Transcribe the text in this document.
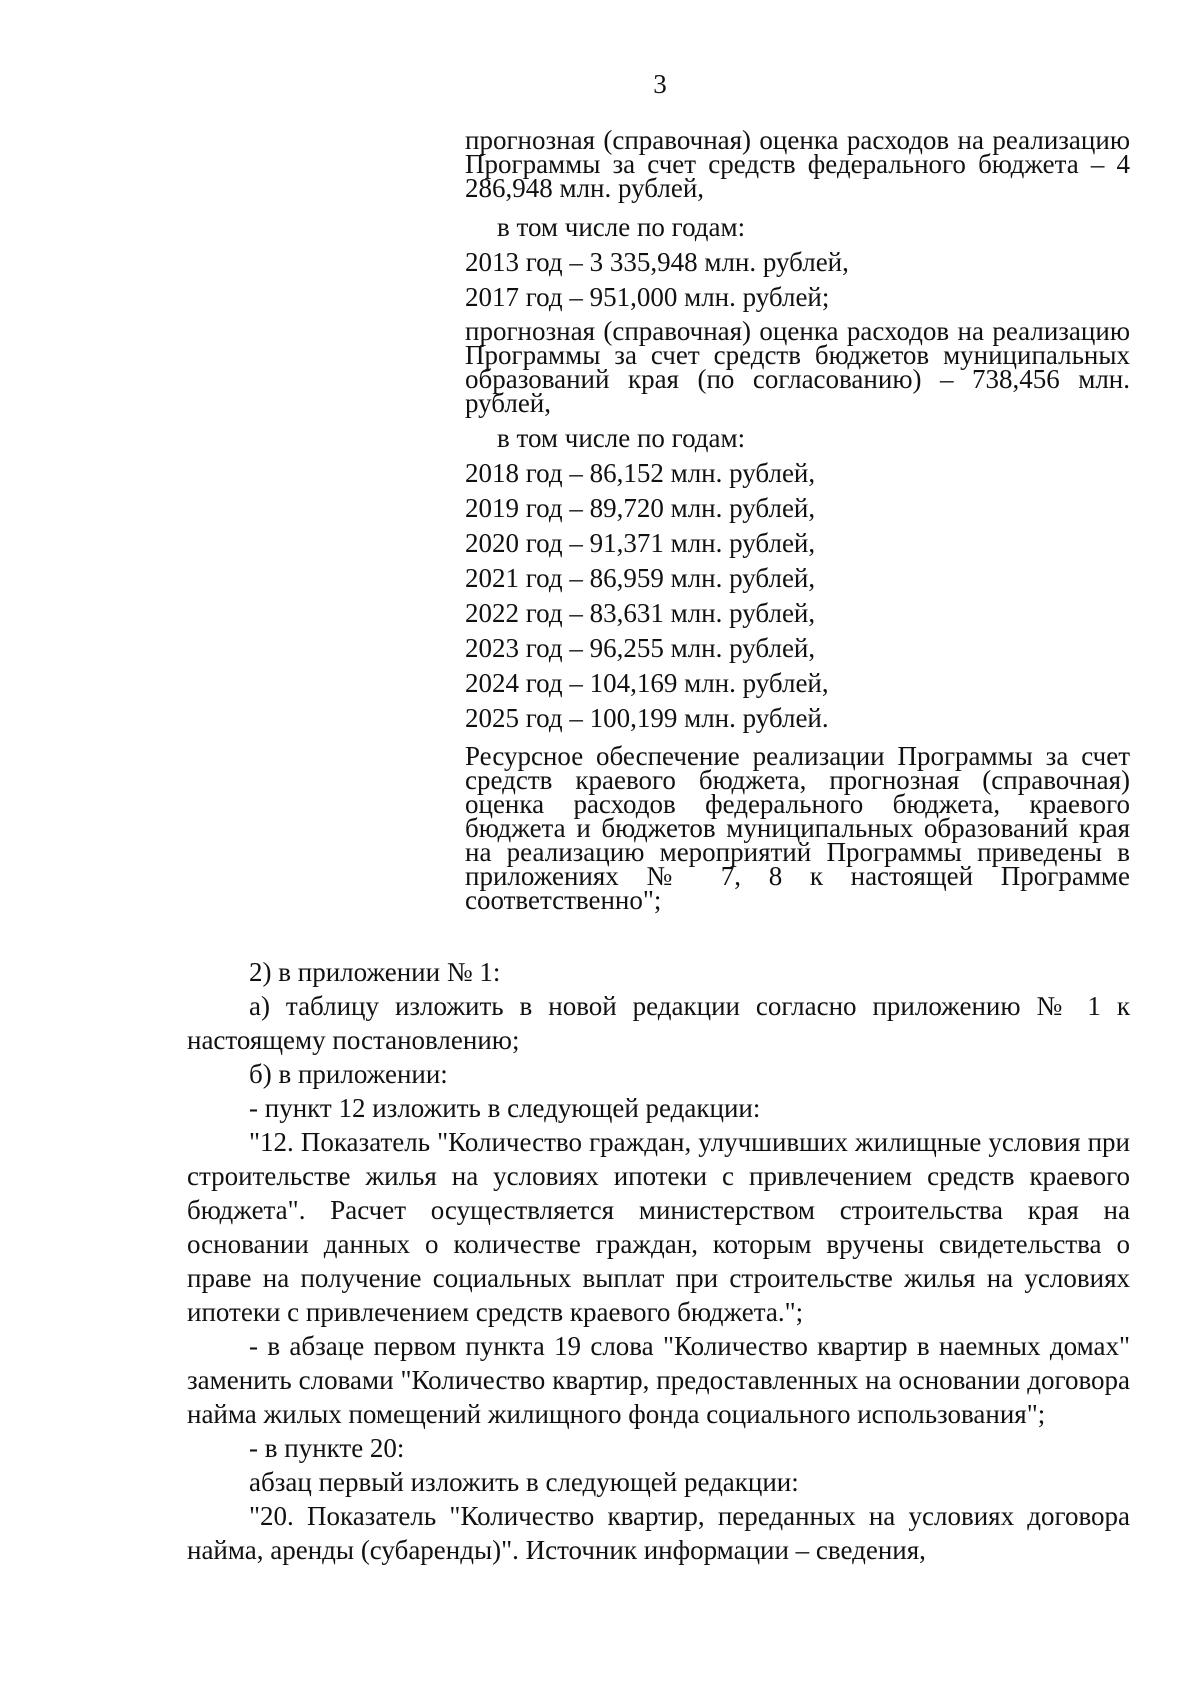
3
прогнозная (справочная) оценка расходов на реализацию Программы за счет средств федерального бюджета – 4 286,948 млн. рублей,
в том числе по годам:
2013 год – 3 335,948 млн. рублей,
2017 год – 951,000 млн. рублей;
прогнозная (справочная) оценка расходов на реализацию Программы за счет средств бюджетов муниципальных образований края (по согласованию) – 738,456 млн. рублей,
в том числе по годам:
2018 год – 86,152 млн. рублей,
2019 год – 89,720 млн. рублей,
2020 год – 91,371 млн. рублей,
2021 год – 86,959 млн. рублей,
2022 год – 83,631 млн. рублей,
2023 год – 96,255 млн. рублей,
2024 год – 104,169 млн. рублей,
2025 год – 100,199 млн. рублей.
Ресурсное обеспечение реализации Программы за счет средств краевого бюджета, прогнозная (справочная) оценка расходов федерального бюджета, краевого бюджета и бюджетов муниципальных образований края на реализацию мероприятий Программы приведены в приложениях № 7, 8 к настоящей Программе соответственно";

2) в приложении № 1:

а) таблицу изложить в новой редакции согласно приложению № 1 к настоящему постановлению;

б) в приложении:

- пункт 12 изложить в следующей редакции:

"12. Показатель "Количество граждан, улучшивших жилищные условия при строительстве жилья на условиях ипотеки с привлечением средств краевого бюджета". Расчет осуществляется министерством строительства края на основании данных о количестве граждан, которым вручены свидетельства о праве на получение социальных выплат при строительстве жилья на условиях ипотеки с привлечением средств краевого бюджета.";

- в абзаце первом пункта 19 слова "Количество квартир в наемных домах" заменить словами "Количество квартир, предоставленных на основании договора найма жилых помещений жилищного фонда социального использования";

- в пункте 20:

абзац первый изложить в следующей редакции:

"20. Показатель "Количество квартир, переданных на условиях договора найма, аренды (субаренды)". Источник информации – сведения,
